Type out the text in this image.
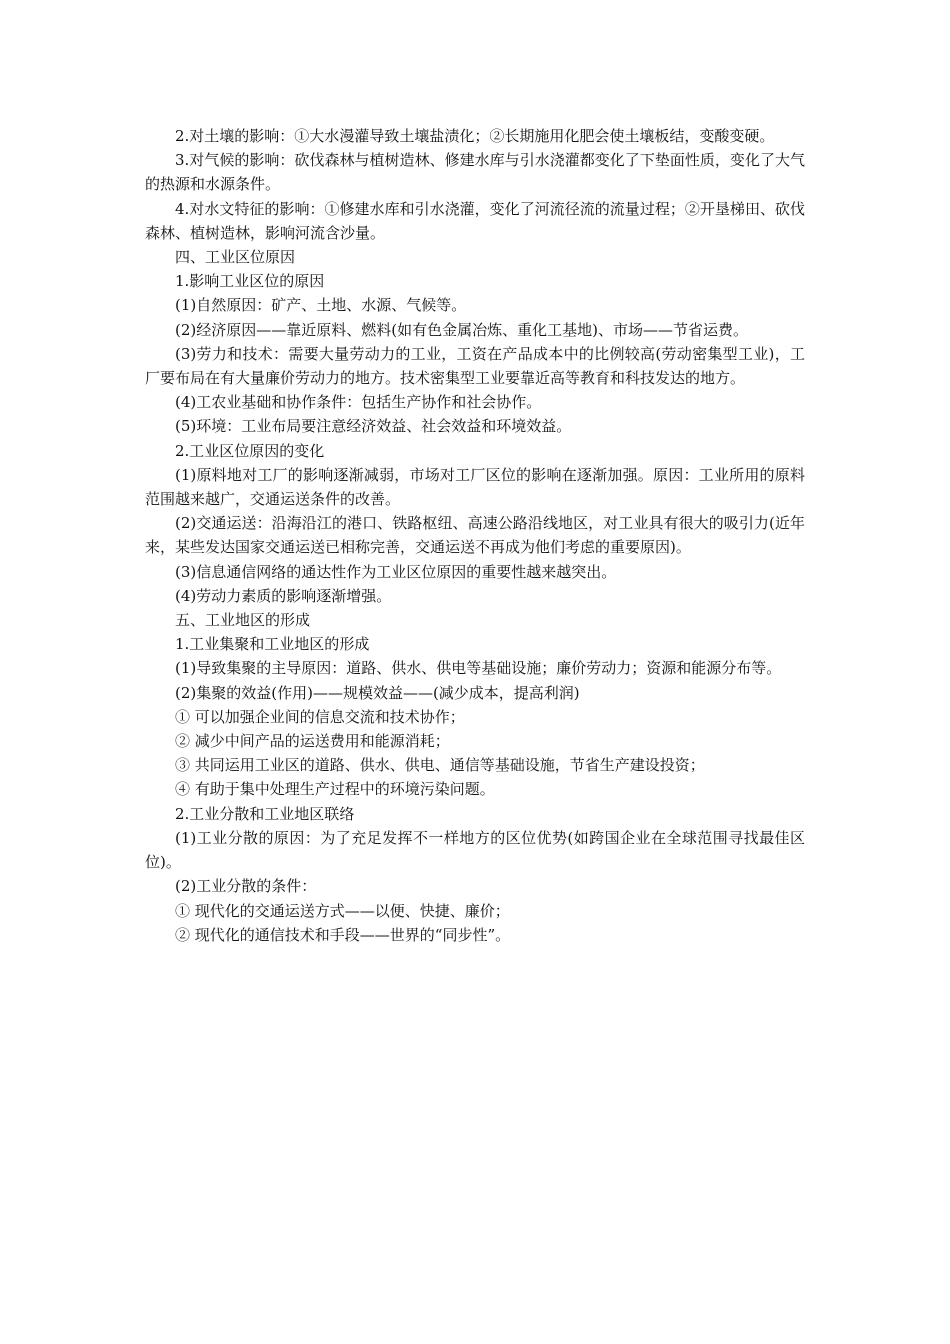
2.对土壤的影响：①大水漫灌导致土壤盐渍化；②长期施用化肥会使土壤板结，变酸变硬。

3.对气候的影响：砍伐森林与植树造林、修建水库与引水浇灌都变化了下垫面性质，变化了大气的热源和水源条件。

4.对水文特征的影响：①修建水库和引水浇灌，变化了河流径流的流量过程；②开垦梯田、砍伐森林、植树造林，影响河流含沙量。

四、工业区位原因

1.影响工业区位的原因

(1)自然原因：矿产、土地、水源、气候等。

(2)经济原因——靠近原料、燃料(如有色金属冶炼、重化工基地)、市场——节省运费。

(3)劳力和技术：需要大量劳动力的工业，工资在产品成本中的比例较高(劳动密集型工业)，工厂要布局在有大量廉价劳动力的地方。技术密集型工业要靠近高等教育和科技发达的地方。

(4)工农业基础和协作条件：包括生产协作和社会协作。

(5)环境：工业布局要注意经济效益、社会效益和环境效益。

2.工业区位原因的变化

(1)原料地对工厂的影响逐渐减弱，市场对工厂区位的影响在逐渐加强。原因：工业所用的原料范围越来越广，交通运送条件的改善。

(2)交通运送：沿海沿江的港口、铁路枢纽、高速公路沿线地区，对工业具有很大的吸引力(近年来，某些发达国家交通运送已相称完善，交通运送不再成为他们考虑的重要原因)。

(3)信息通信网络的通达性作为工业区位原因的重要性越来越突出。

(4)劳动力素质的影响逐渐增强。

五、工业地区的形成

1.工业集聚和工业地区的形成

(1)导致集聚的主导原因：道路、供水、供电等基础设施；廉价劳动力；资源和能源分布等。

(2)集聚的效益(作用)——规模效益——(减少成本，提高利润)

① 可以加强企业间的信息交流和技术协作；

② 减少中间产品的运送费用和能源消耗；

③ 共同运用工业区的道路、供水、供电、通信等基础设施，节省生产建设投资；

④ 有助于集中处理生产过程中的环境污染问题。

2.工业分散和工业地区联络

(1)工业分散的原因：为了充足发挥不一样地方的区位优势(如跨国企业在全球范围寻找最佳区位)。

(2)工业分散的条件：

① 现代化的交通运送方式——以便、快捷、廉价；

② 现代化的通信技术和手段——世界的“同步性”。
